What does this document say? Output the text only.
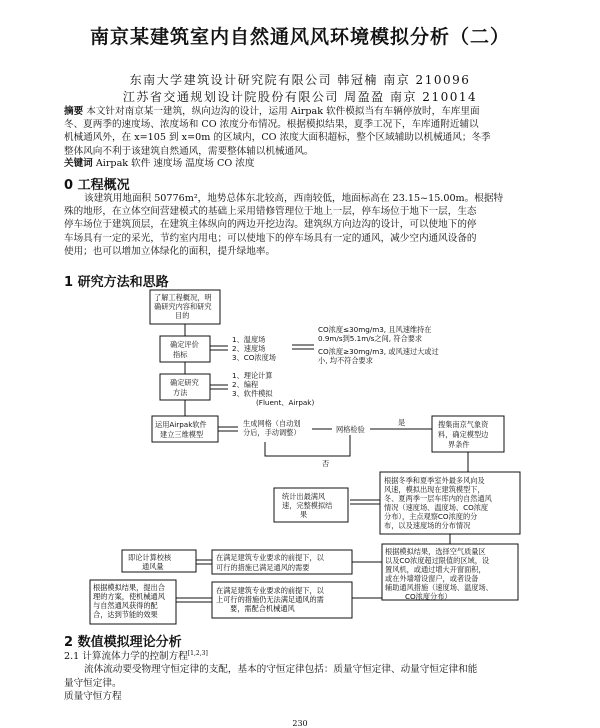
南京某建筑室内自然通风风环境模拟分析（二）
东南大学建筑设计研究院有限公司 韩冠楠 南京 210096
江苏省交通规划设计院股份有限公司 周盈盈 南京 210014
摘要 本文针对南京某一建筑，纵向边沟的设计，运用 Airpak 软件模拟当有车辆停放时，车库里面
冬、夏两季的速度场、浓度场和 CO 浓度分布情况。根据模拟结果，夏季工况下，车库通附近辅以
机械通风外，在 x=105 到 x=0m 的区域内，CO 浓度大面积超标，整个区域辅助以机械通风；冬季
整体风向不利于该建筑自然通风，需要整体辅以机械通风。
关键词 Airpak 软件 速度场 温度场 CO 浓度
0 工程概况
该建筑用地面积 50776m²，地势总体东北较高，西南较低，地面标高在 23.15~15.00m。根据特
殊的地形，在立体空间营建模式的基础上采用错修管理位于地上一层，停车场位于地下一层，生态
停车场位于建筑顶层，在建筑主体纵向的两边开挖边沟。建筑纵方向边沟的设计，可以使地下的停
车场具有一定的采光，节约室内用电；可以使地下的停车场具有一定的通风，减少空内通风设备的
使用；也可以增加立体绿化的面积，提升绿地率。
1 研究方法和思路
了解工程概况，明
确研究内容和研究
目的
确定评价
指标
1、温度场
2、速度场
3、CO浓度场
CO浓度≤30mg/m3, 且风速维持在
0.9m/s到5.1m/s之间, 符合要求
CO浓度≥30mg/m3, 或风速过大或过
小, 均不符合要求
确定研究
方法
1、理论计算
2、编程
3、软件模拟
(Fluent、Airpak)
运用Airpak软件
建立三维模型
生成网格（自动划
分后，手动调整）	网格检验
是
否
搜集南京气象资
料，确定模型边
界条件
根据冬季和夏季室外最多风向及
风速，模拟出现在建筑模型下，
冬、夏两季一层车库内的自然通风
情况（速度场、温度场、CO浓度
分布），主点观察CO浓度的分
布，以及速度场的分布情况
统计出最满风
速，完整模拟结
果
根据模拟结果，选择空气质量区
以及CO浓度超过限值的区域，设
置风机，或通过增大开窗面积，
或在外墙增设窗户，或者设备
辅助通风措施（速度场、温度场、
CO浓度分布）
在满足建筑专业要求的前提下，以
可行的措施已满足通风的需要
即论计算校核
通风量
在满足建筑专业要求的前提下，以
上可行的措施仍无法满足通风的需
要，需配合机械通风
根据模拟结果，提出合
理的方案，使机械通风
与自然通风获得的配
合，达到节能的效果
2 数值模拟理论分析
2.1 计算流体力学的控制方程[1,2,3]
流体流动要受物理守恒定律的支配，基本的守恒定律包括：质量守恒定律、动量守恒定律和能
量守恒定律。
质量守恒方程
230
